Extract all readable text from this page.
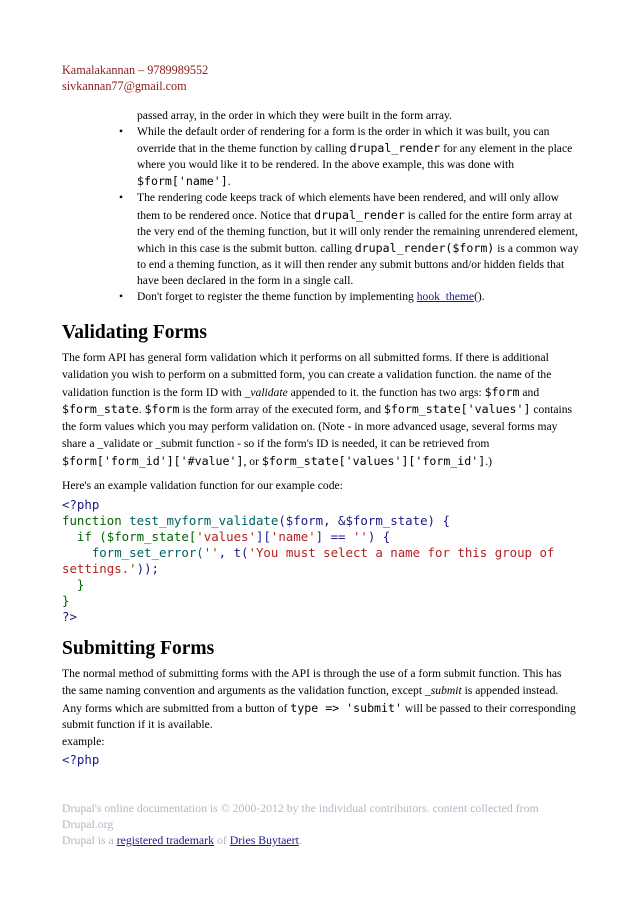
Kamalakannan – 9789989552
sivkannan77@gmail.com
passed array, in the order in which they were built in the form array.
• While the default order of rendering for a form is the order in which it was built, you can override that in the theme function by calling drupal_render for any element in the place where you would like it to be rendered. In the above example, this was done with $form['name'].
• The rendering code keeps track of which elements have been rendered, and will only allow them to be rendered once. Notice that drupal_render is called for the entire form array at the very end of the theming function, but it will only render the remaining unrendered element, which in this case is the submit button. calling drupal_render($form) is a common way to end a theming function, as it will then render any submit buttons and/or hidden fields that have been declared in the form in a single call.
• Don't forget to register the theme function by implementing hook_theme().
Validating Forms
The form API has general form validation which it performs on all submitted forms. If there is additional validation you wish to perform on a submitted form, you can create a validation function. the name of the validation function is the form ID with _validate appended to it. the function has two args: $form and $form_state. $form is the form array of the executed form, and $form_state['values'] contains the form values which you may perform validation on. (Note - in more advanced usage, several forms may share a _validate or _submit function - so if the form's ID is needed, it can be retrieved from $form['form_id']['#value'], or $form_state['values']['form_id'].)
Here's an example validation function for our example code:
<?php
function test_myform_validate($form, &$form_state) {
if ($form_state['values']['name'] == '') {
form_set_error('', t('You must select a name for this group of
settings.'));
}
}
?>
Submitting Forms
The normal method of submitting forms with the API is through the use of a form submit function. This has the same naming convention and arguments as the validation function, except _submit is appended instead. Any forms which are submitted from a button of type => 'submit' will be passed to their corresponding submit function if it is available.
example:
<?php
Drupal's online documentation is © 2000-2012 by the individual contributors. content collected from Drupal.org
Drupal is a registered trademark of Dries Buytaert.
